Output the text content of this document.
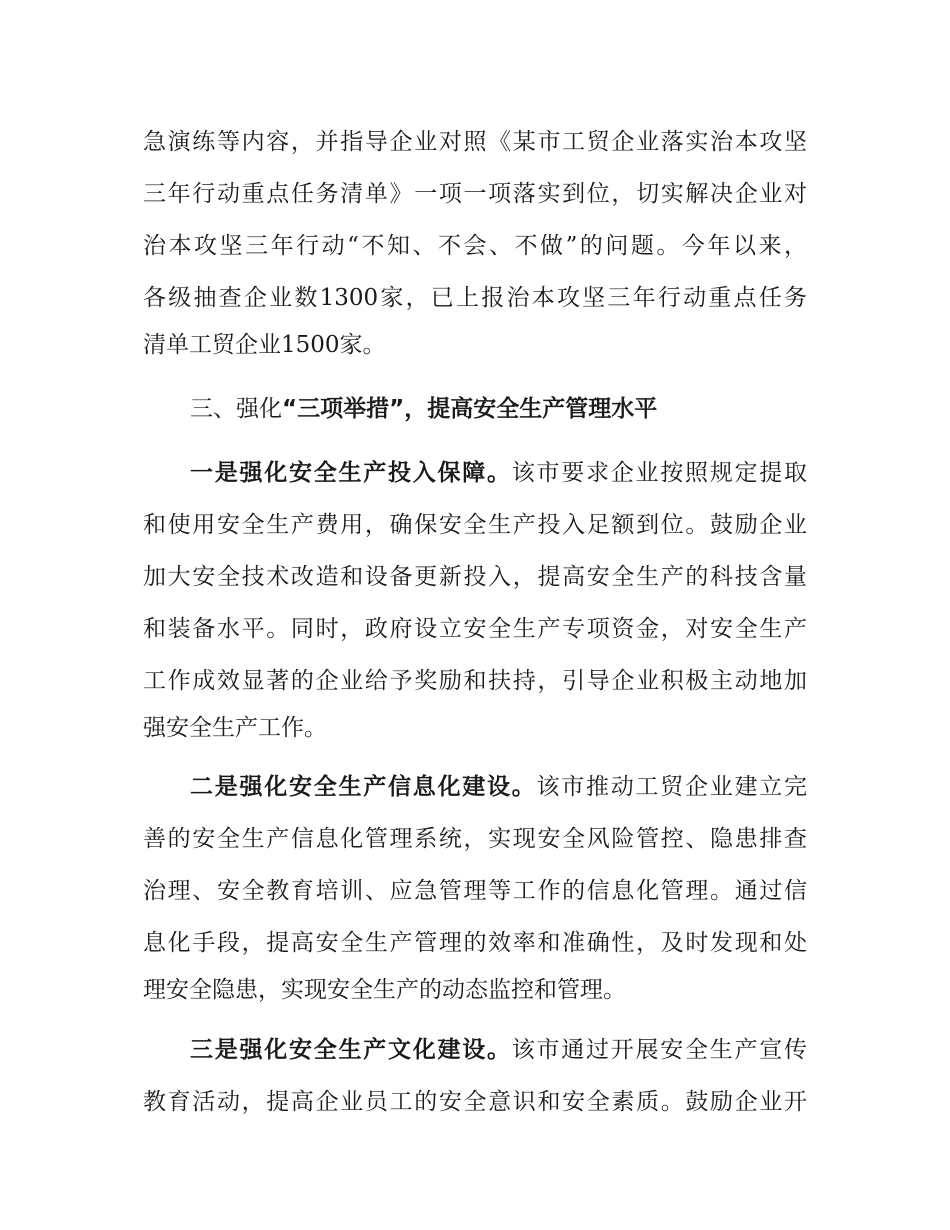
急演练等内容，并指导企业对照《某市工贸企业落实治本攻坚
三年行动重点任务清单》一项一项落实到位，切实解决企业对
治本攻坚三年行动“不知、不会、不做”的问题。今年以来，
各级抽查企业数1300家，已上报治本攻坚三年行动重点任务
清单工贸企业1500家。
三、强化“三项举措”，提高安全生产管理水平
一是强化安全生产投入保障。该市要求企业按照规定提取
和使用安全生产费用，确保安全生产投入足额到位。鼓励企业
加大安全技术改造和设备更新投入，提高安全生产的科技含量
和装备水平。同时，政府设立安全生产专项资金，对安全生产
工作成效显著的企业给予奖励和扶持，引导企业积极主动地加
强安全生产工作。
二是强化安全生产信息化建设。该市推动工贸企业建立完
善的安全生产信息化管理系统，实现安全风险管控、隐患排查
治理、安全教育培训、应急管理等工作的信息化管理。通过信
息化手段，提高安全生产管理的效率和准确性，及时发现和处
理安全隐患，实现安全生产的动态监控和管理。
三是强化安全生产文化建设。该市通过开展安全生产宣传
教育活动，提高企业员工的安全意识和安全素质。鼓励企业开
